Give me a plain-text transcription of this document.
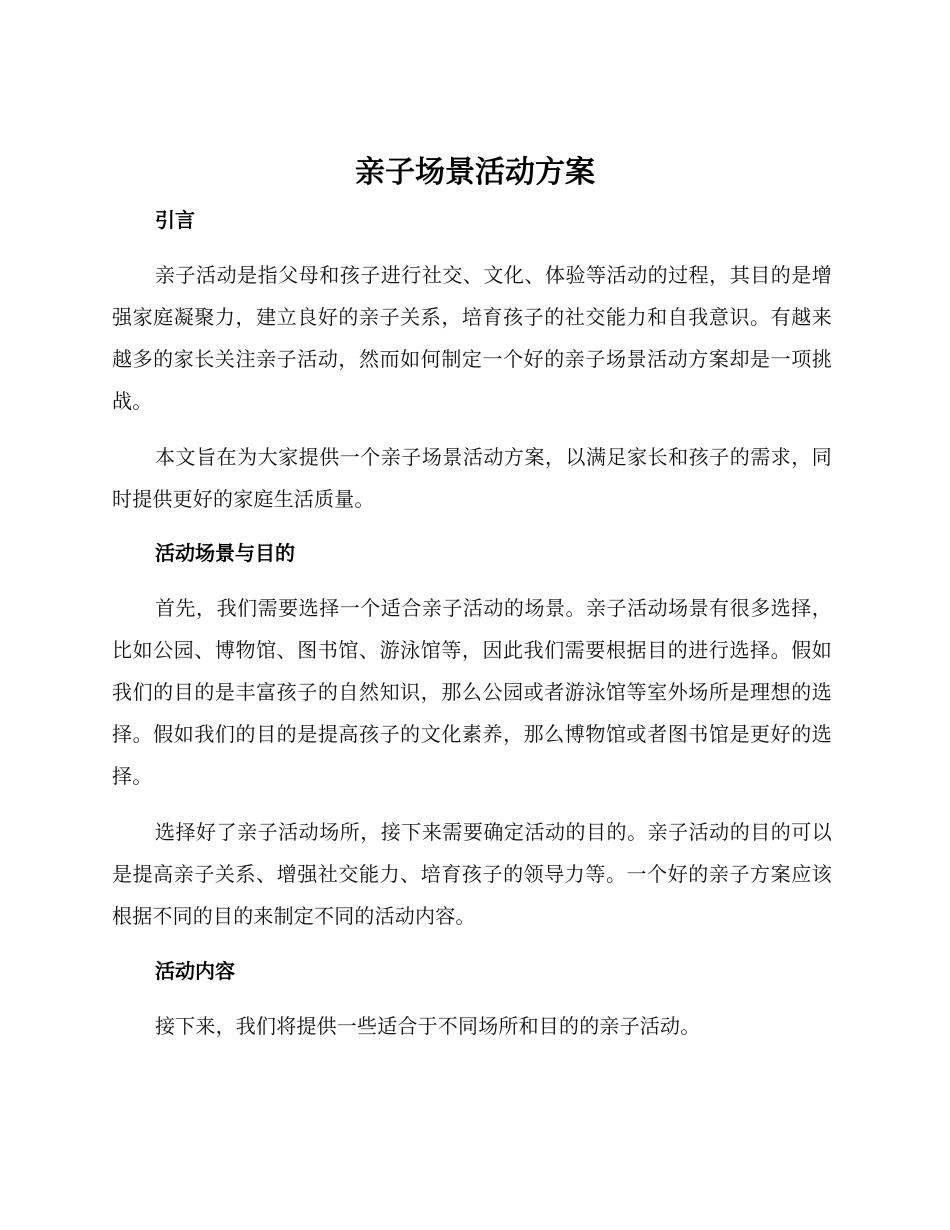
亲子场景活动方案
引言

亲子活动是指父母和孩子进行社交、文化、体验等活动的过程，其目的是增强家庭凝聚力，建立良好的亲子关系，培育孩子的社交能力和自我意识。有越来越多的家长关注亲子活动，然而如何制定一个好的亲子场景活动方案却是一项挑战。

本文旨在为大家提供一个亲子场景活动方案，以满足家长和孩子的需求，同时提供更好的家庭生活质量。

活动场景与目的

首先，我们需要选择一个适合亲子活动的场景。亲子活动场景有很多选择，比如公园、博物馆、图书馆、游泳馆等，因此我们需要根据目的进行选择。假如我们的目的是丰富孩子的自然知识，那么公园或者游泳馆等室外场所是理想的选择。假如我们的目的是提高孩子的文化素养，那么博物馆或者图书馆是更好的选择。

选择好了亲子活动场所，接下来需要确定活动的目的。亲子活动的目的可以是提高亲子关系、增强社交能力、培育孩子的领导力等。一个好的亲子方案应该根据不同的目的来制定不同的活动内容。

活动内容

接下来，我们将提供一些适合于不同场所和目的的亲子活动。
